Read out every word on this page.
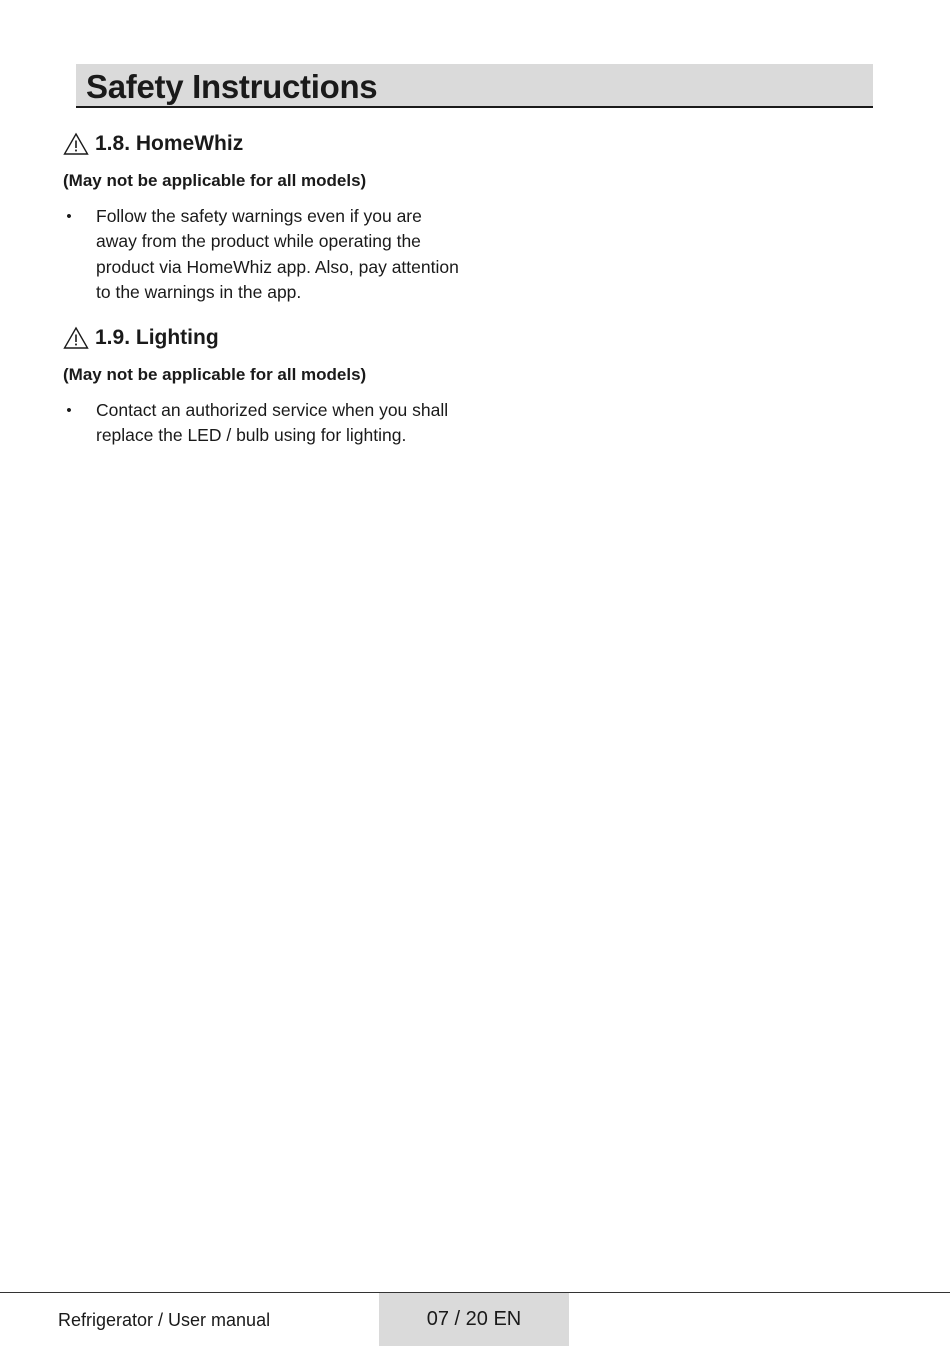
Safety Instructions
1.8. HomeWhiz

(May not be applicable for all models)

• Follow the safety warnings even if you are away from the product while operating the product via HomeWhiz app. Also, pay attention to the warnings in the app.
1.9. Lighting

(May not be applicable for all models)

• Contact an authorized service when you shall replace the LED / bulb using for lighting.
Refrigerator / User manual	07 / 20 EN
